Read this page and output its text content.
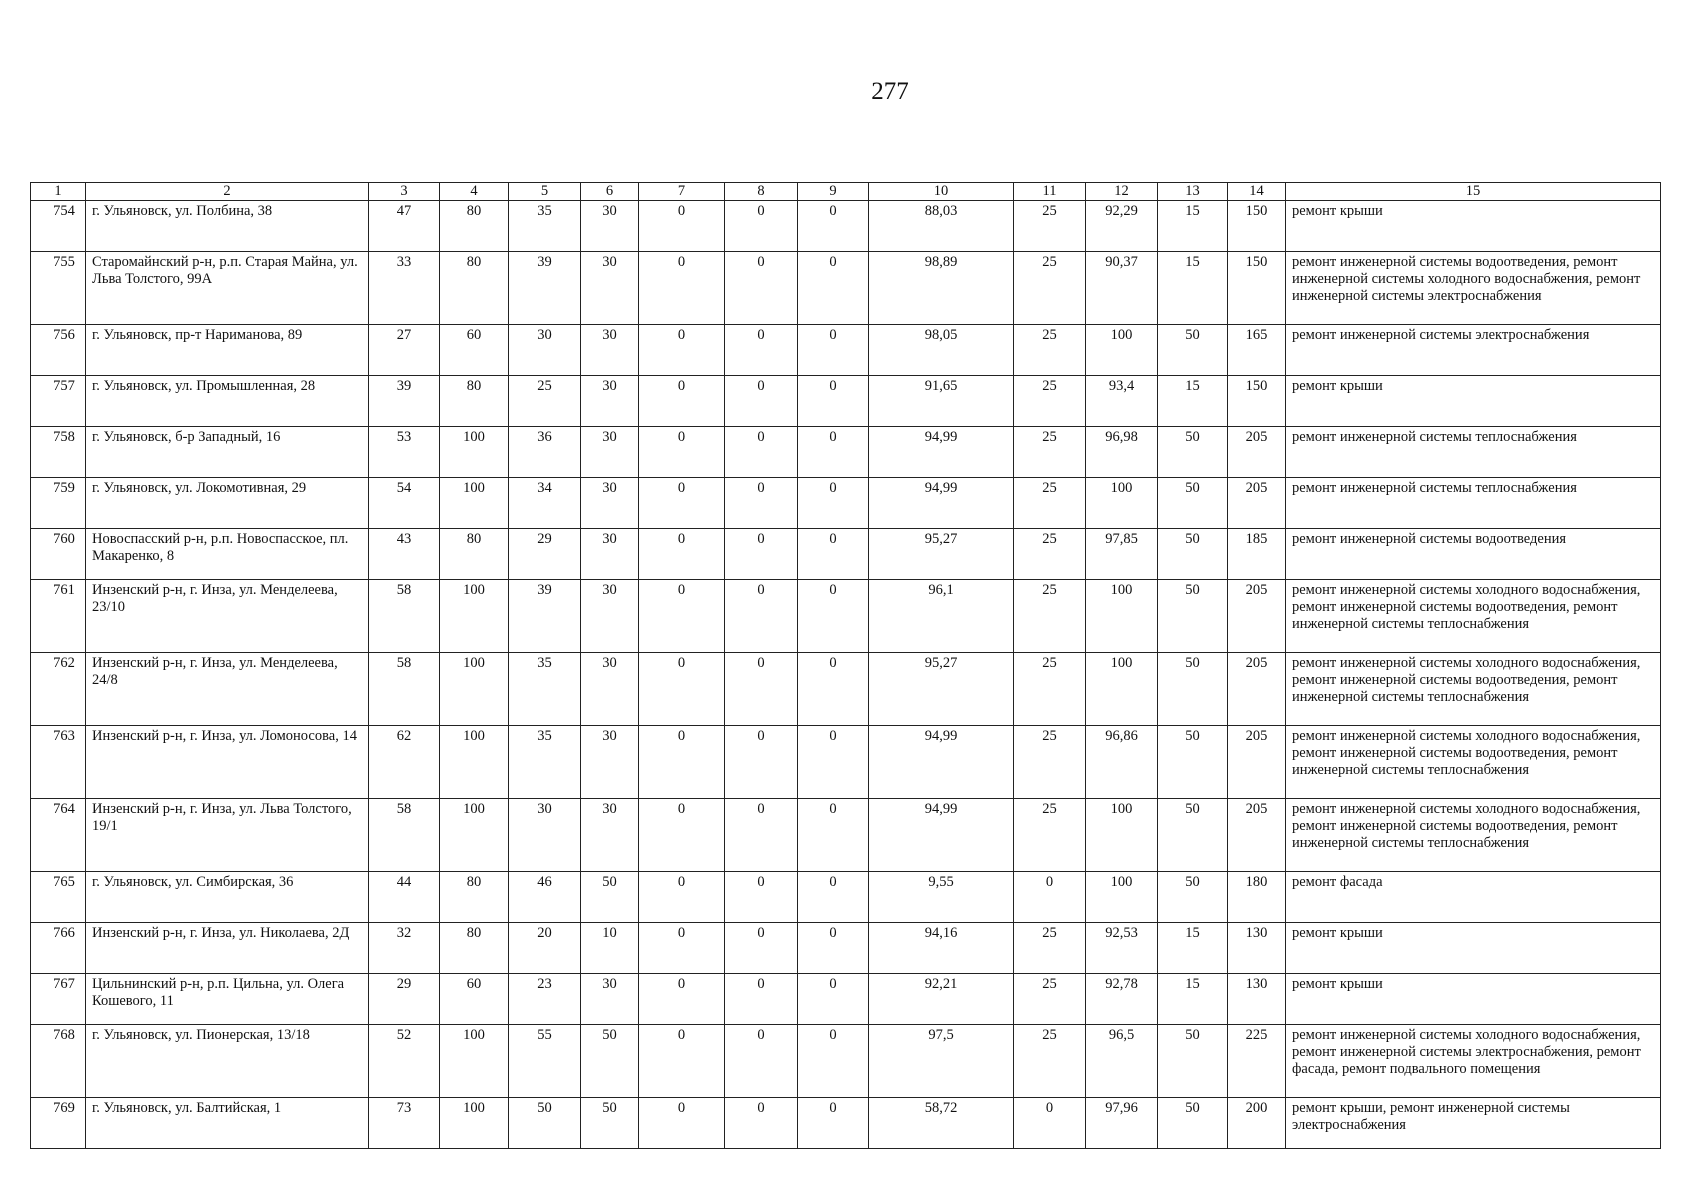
277
1	2	3	4	5	6	7	8	9	10	11	12	13	14	15
754	г. Ульяновск, ул. Полбина, 38	47	80	35	30	0	0	0	88,03	25	92,29	15	150	ремонт крыши
755	Старомайнский р-н, р.п. Старая Майна, ул. Льва Толстого, 99А	33	80	39	30	0	0	0	98,89	25	90,37	15	150	ремонт инженерной системы водоотведения, ремонт инженерной системы холодного водоснабжения, ремонт инженерной системы электроснабжения
756	г. Ульяновск, пр-т Нариманова, 89	27	60	30	30	0	0	0	98,05	25	100	50	165	ремонт инженерной системы электроснабжения
757	г. Ульяновск, ул. Промышленная, 28	39	80	25	30	0	0	0	91,65	25	93,4	15	150	ремонт крыши
758	г. Ульяновск, б-р Западный, 16	53	100	36	30	0	0	0	94,99	25	96,98	50	205	ремонт инженерной системы теплоснабжения
759	г. Ульяновск, ул. Локомотивная, 29	54	100	34	30	0	0	0	94,99	25	100	50	205	ремонт инженерной системы теплоснабжения
760	Новоспасский р-н, р.п. Новоспасское, пл. Макаренко, 8	43	80	29	30	0	0	0	95,27	25	97,85	50	185	ремонт инженерной системы водоотведения
761	Инзенский р-н, г. Инза, ул. Менделеева, 23/10	58	100	39	30	0	0	0	96,1	25	100	50	205	ремонт инженерной системы холодного водоснабжения, ремонт инженерной системы водоотведения, ремонт инженерной системы теплоснабжения
762	Инзенский р-н, г. Инза, ул. Менделеева, 24/8	58	100	35	30	0	0	0	95,27	25	100	50	205	ремонт инженерной системы холодного водоснабжения, ремонт инженерной системы водоотведения, ремонт инженерной системы теплоснабжения
763	Инзенский р-н, г. Инза, ул. Ломоносова, 14	62	100	35	30	0	0	0	94,99	25	96,86	50	205	ремонт инженерной системы холодного водоснабжения, ремонт инженерной системы водоотведения, ремонт инженерной системы теплоснабжения
764	Инзенский р-н, г. Инза, ул. Льва Толстого, 19/1	58	100	30	30	0	0	0	94,99	25	100	50	205	ремонт инженерной системы холодного водоснабжения, ремонт инженерной системы водоотведения, ремонт инженерной системы теплоснабжения
765	г. Ульяновск, ул. Симбирская, 36	44	80	46	50	0	0	0	9,55	0	100	50	180	ремонт фасада
766	Инзенский р-н, г. Инза, ул. Николаева, 2Д	32	80	20	10	0	0	0	94,16	25	92,53	15	130	ремонт крыши
767	Цильнинский р-н, р.п. Цильна, ул. Олега Кошевого, 11	29	60	23	30	0	0	0	92,21	25	92,78	15	130	ремонт крыши
768	г. Ульяновск, ул. Пионерская, 13/18	52	100	55	50	0	0	0	97,5	25	96,5	50	225	ремонт инженерной системы холодного водоснабжения, ремонт инженерной системы электроснабжения, ремонт фасада, ремонт подвального помещения
769	г. Ульяновск, ул. Балтийская, 1	73	100	50	50	0	0	0	58,72	0	97,96	50	200	ремонт крыши, ремонт инженерной системы электроснабжения
